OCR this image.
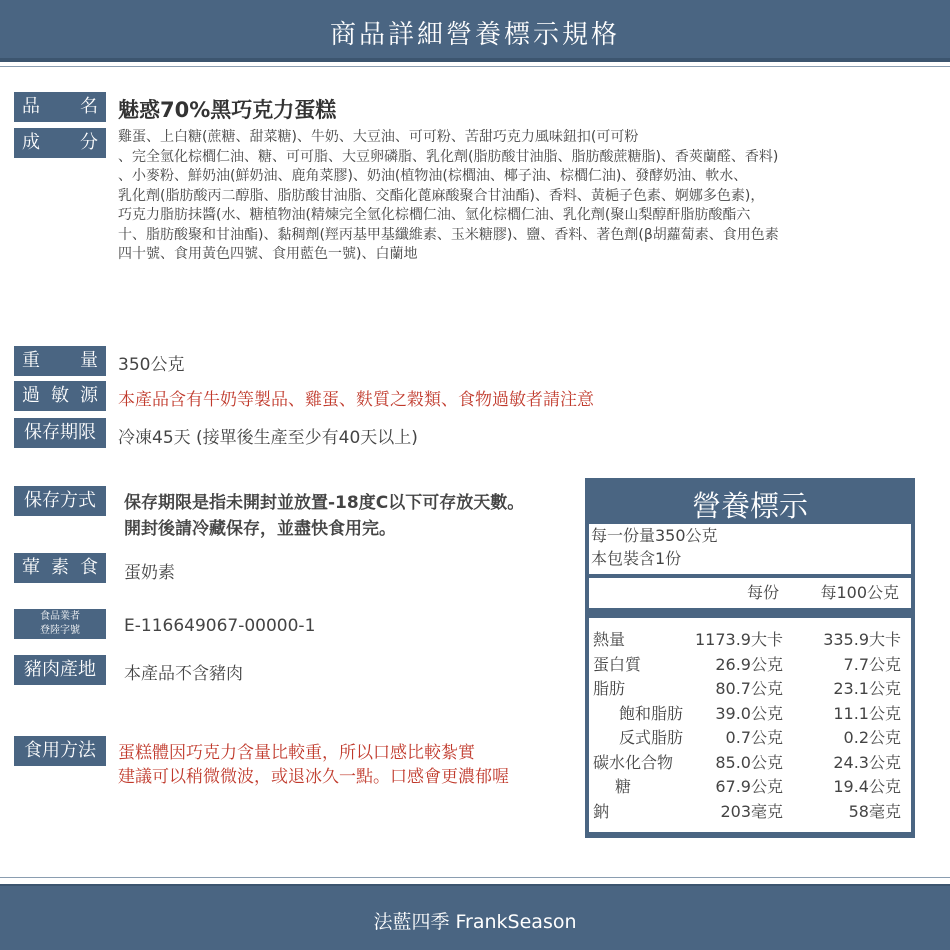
商品詳細營養標示規格
品　名 魅惑70%黑巧克力蛋糕
成　分	雞蛋、上白糖(蔗糖、甜菜糖)、牛奶、大豆油、可可粉、苦甜巧克力風味鈕扣(可可粉
、完全氫化棕櫚仁油、糖、可可脂、大豆卵磷脂、乳化劑(脂肪酸甘油脂、脂肪酸蔗糖脂)、香莢蘭醛、香料)
、小麥粉、鮮奶油(鮮奶油、鹿角菜膠)、奶油(植物油(棕櫚油、椰子油、棕櫚仁油)、發酵奶油、軟水、
乳化劑(脂肪酸丙二醇脂、脂肪酸甘油脂、交酯化蓖麻酸聚合甘油酯)、香料、黃梔子色素、婀娜多色素)，
巧克力脂肪抹醬(水、糖植物油(精煉完全氫化棕櫚仁油、氫化棕櫚仁油、乳化劑(聚山梨醇酐脂肪酸酯六
十、脂肪酸聚和甘油酯)、黏稠劑(羥丙基甲基纖維素、玉米糖膠)、鹽、香料、著色劑(β胡蘿蔔素、食用色素
四十號、食用黃色四號、食用藍色一號)、白蘭地
重　量	350公克
過敏源	本產品含有牛奶等製品、雞蛋、麩質之穀類、食物過敏者請注意
保存期限	冷凍45天 (接單後生產至少有40天以上)
保存方式	保存期限是指未開封並放置-18度C以下可存放天數。
開封後請冷藏保存，並盡快食用完。
葷素食	蛋奶素
食品業者
登陸字號	E-116649067-00000-1
豬肉產地	本產品不含豬肉
食用方法	蛋糕體因巧克力含量比較重，所以口感比較紮實
建議可以稍微微波，或退冰久一點。口感會更濃郁喔
營養標示
每一份量350公克
本包裝含1份
每份	每100公克
熱量	1173.9大卡	335.9大卡
蛋白質	26.9公克	7.7公克
脂肪	80.7公克	23.1公克
飽和脂肪 39.0公克	11.1公克
反式脂肪	0.7公克	0.2公克
碳水化合物	85.0公克	24.3公克
糖	67.9公克	19.4公克
鈉	203毫克	58毫克
法藍四季 FrankSeason
